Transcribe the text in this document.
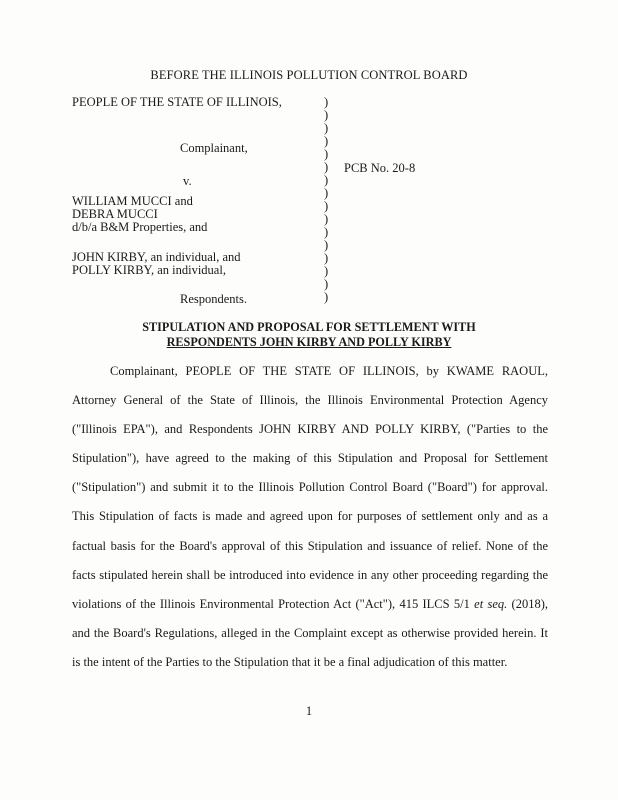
BEFORE THE ILLINOIS POLLUTION CONTROL BOARD
PEOPLE OF THE STATE OF ILLINOIS,
Complainant,
v.
WILLIAM MUCCI and
DEBRA MUCCI
d/b/a B&M Properties, and
JOHN KIRBY, an individual, and
POLLY KIRBY, an individual,
Respondents.
)
)
)
)
)
)
)
)
)
)
)
)
)
)
)
)
PCB No. 20-8
STIPULATION AND PROPOSAL FOR SETTLEMENT WITH
RESPONDENTS JOHN KIRBY AND POLLY KIRBY

Complainant, PEOPLE OF THE STATE OF ILLINOIS, by KWAME RAOUL, Attorney General of the State of Illinois, the Illinois Environmental Protection Agency ("Illinois EPA"), and Respondents JOHN KIRBY AND POLLY KIRBY, ("Parties to the Stipulation"), have agreed to the making of this Stipulation and Proposal for Settlement ("Stipulation") and submit it to the Illinois Pollution Control Board ("Board") for approval. This Stipulation of facts is made and agreed upon for purposes of settlement only and as a factual basis for the Board's approval of this Stipulation and issuance of relief. None of the facts stipulated herein shall be introduced into evidence in any other proceeding regarding the violations of the Illinois Environmental Protection Act ("Act"), 415 ILCS 5/1 et seq. (2018), and the Board's Regulations, alleged in the Complaint except as otherwise provided herein. It is the intent of the Parties to the Stipulation that it be a final adjudication of this matter.

1
